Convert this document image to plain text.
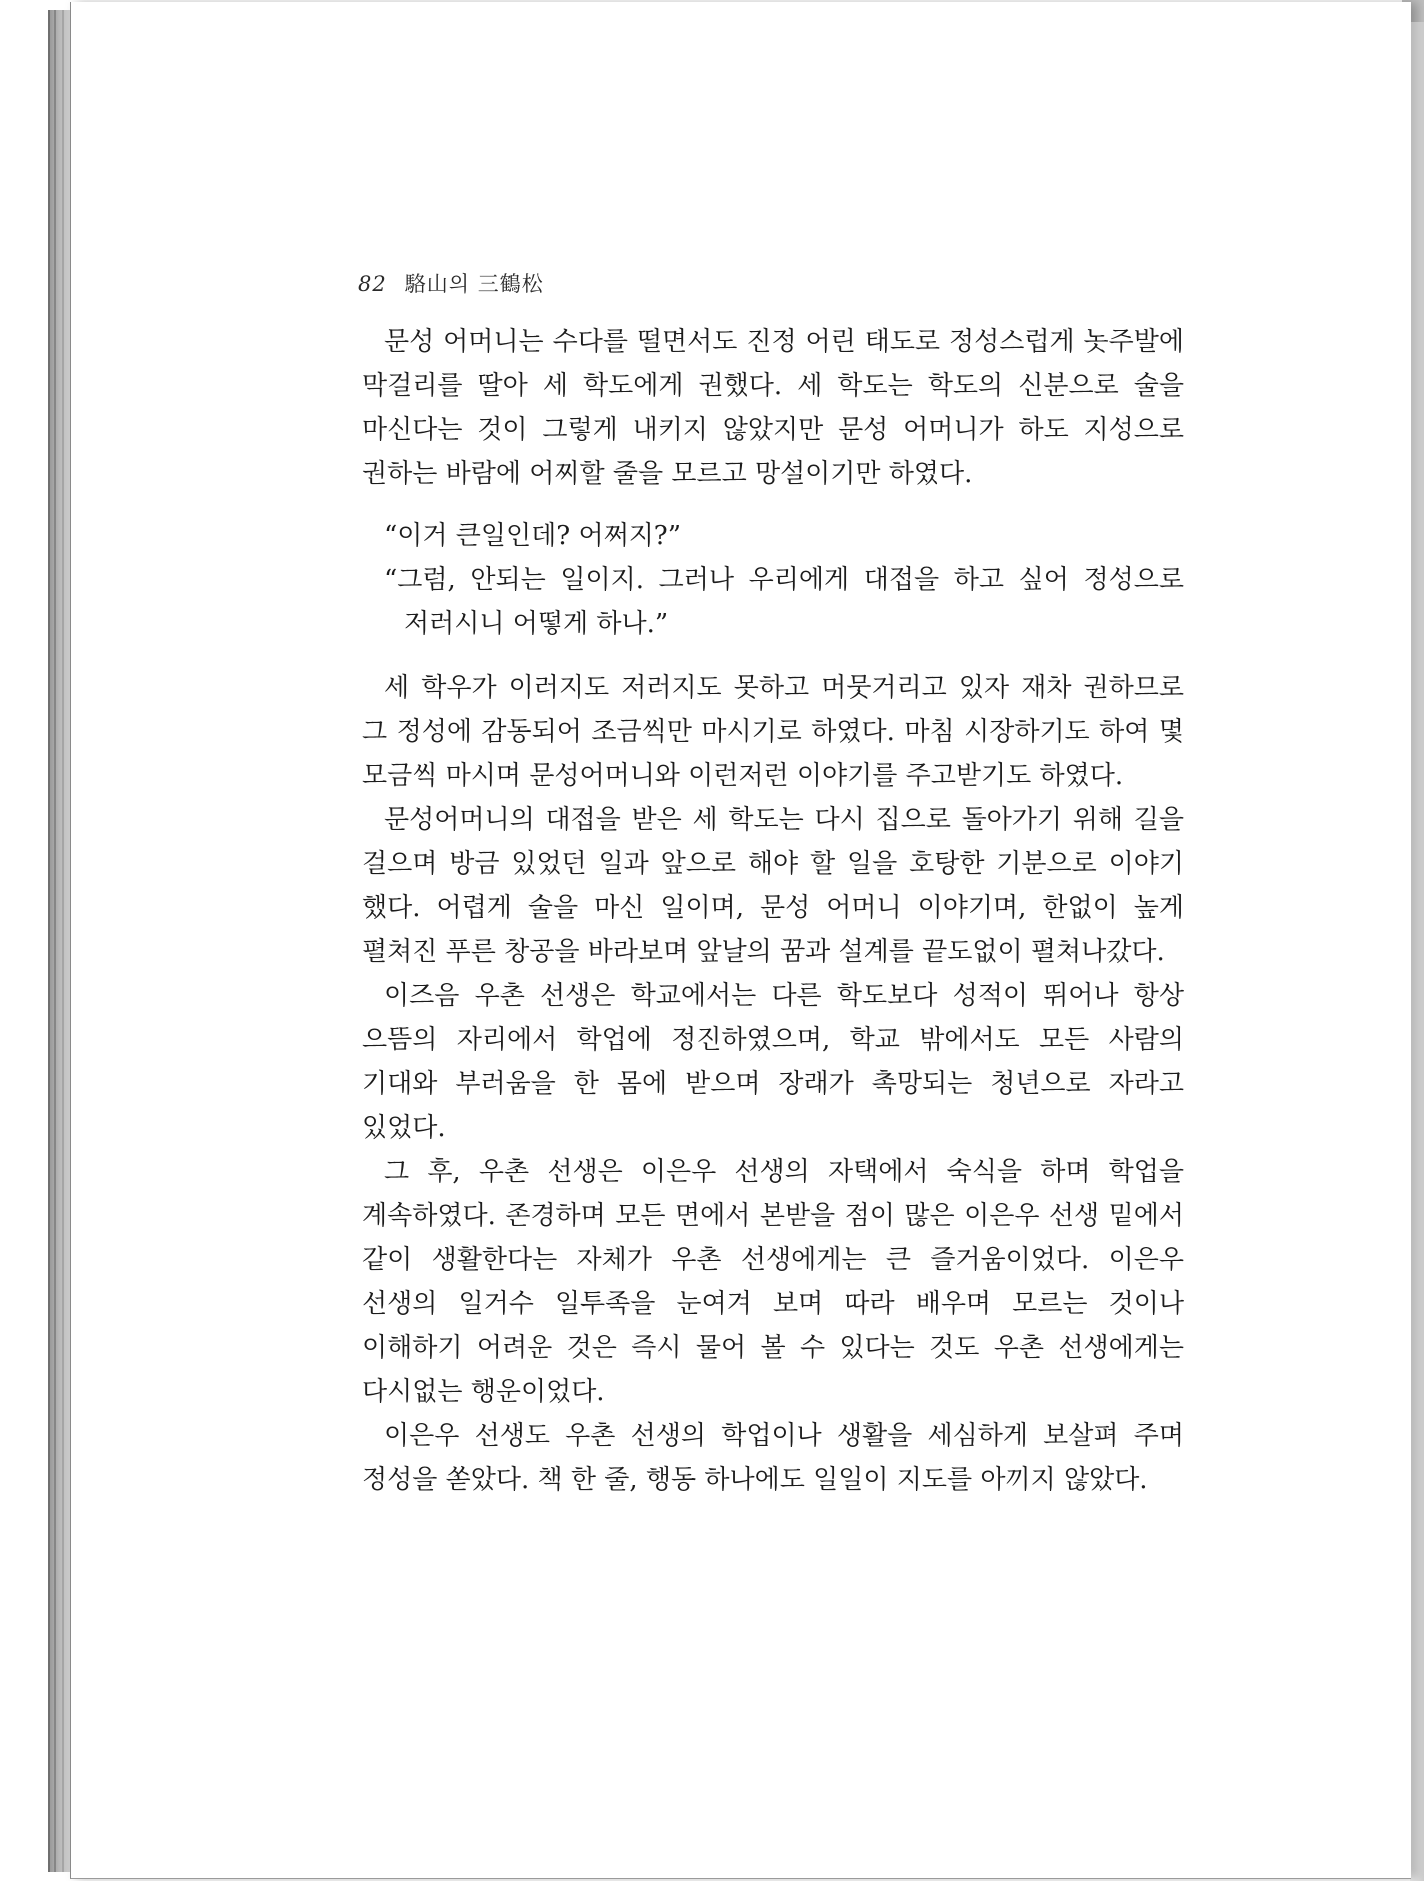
82 駱山의 三鶴松

문성 어머니는 수다를 떨면서도 진정 어린 태도로 정성스럽게 놋주발에 막걸리를 딸아 세 학도에게 권했다. 세 학도는 학도의 신분으로 술을 마신다는 것이 그렇게 내키지 않았지만 문성 어머니가 하도 지성으로 권하는 바람에 어찌할 줄을 모르고 망설이기만 하였다.

“이거 큰일인데? 어쩌지?”
“그럼, 안되는 일이지. 그러나 우리에게 대접을 하고 싶어 정성으로 저러시니 어떻게 하나.”

세 학우가 이러지도 저러지도 못하고 머뭇거리고 있자 재차 권하므로 그 정성에 감동되어 조금씩만 마시기로 하였다. 마침 시장하기도 하여 몇 모금씩 마시며 문성어머니와 이런저런 이야기를 주고받기도 하였다.

문성어머니의 대접을 받은 세 학도는 다시 집으로 돌아가기 위해 길을 걸으며 방금 있었던 일과 앞으로 해야 할 일을 호탕한 기분으로 이야기 했다. 어렵게 술을 마신 일이며, 문성 어머니 이야기며, 한없이 높게 펼쳐진 푸른 창공을 바라보며 앞날의 꿈과 설계를 끝도없이 펼쳐나갔다.

이즈음 우촌 선생은 학교에서는 다른 학도보다 성적이 뛰어나 항상 으뜸의 자리에서 학업에 정진하였으며, 학교 밖에서도 모든 사람의 기대와 부러움을 한 몸에 받으며 장래가 촉망되는 청년으로 자라고 있었다.

그 후, 우촌 선생은 이은우 선생의 자택에서 숙식을 하며 학업을 계속하였다. 존경하며 모든 면에서 본받을 점이 많은 이은우 선생 밑에서 같이 생활한다는 자체가 우촌 선생에게는 큰 즐거움이었다. 이은우 선생의 일거수 일투족을 눈여겨 보며 따라 배우며 모르는 것이나 이해하기 어려운 것은 즉시 물어 볼 수 있다는 것도 우촌 선생에게는 다시없는 행운이었다.

이은우 선생도 우촌 선생의 학업이나 생활을 세심하게 보살펴 주며 정성을 쏟았다. 책 한 줄, 행동 하나에도 일일이 지도를 아끼지 않았다.
